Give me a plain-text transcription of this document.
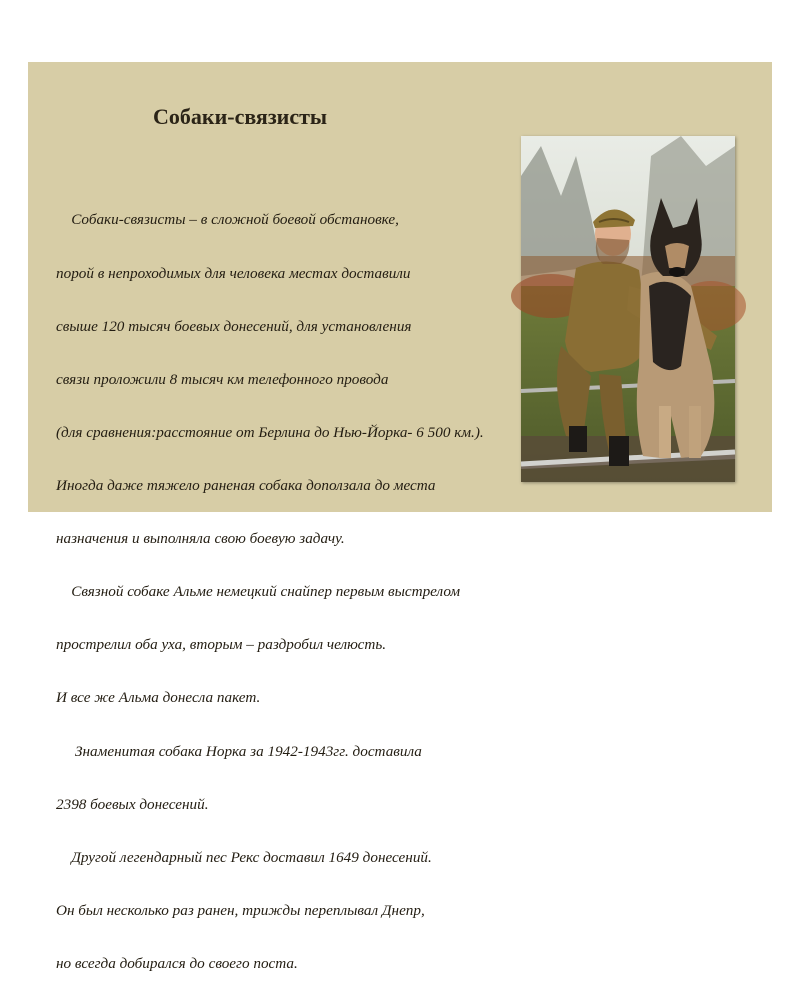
Собаки-связисты

Собаки-связисты – в сложной боевой обстановке,

порой в непроходимых для человека местах доставили

свыше 120 тысяч боевых донесений, для установления

связи проложили 8 тысяч км телефонного провода

(для сравнения:расстояние от Берлина до Нью-Йорка- 6 500 км.).

Иногда даже тяжело раненая собака доползала до места

назначения и выполняла свою боевую задачу.

Связной собаке Альме немецкий снайпер первым выстрелом

прострелил оба уха, вторым – раздробил челюсть.

И все же Альма донесла пакет.

Знаменитая собака Норка за 1942-1943гг. доставила

2398 боевых донесений.

Другой легендарный пес Рекс доставил 1649 донесений.

Он был несколько раз ранен, трижды переплывал Днепр,

но всегда добирался до своего поста.
